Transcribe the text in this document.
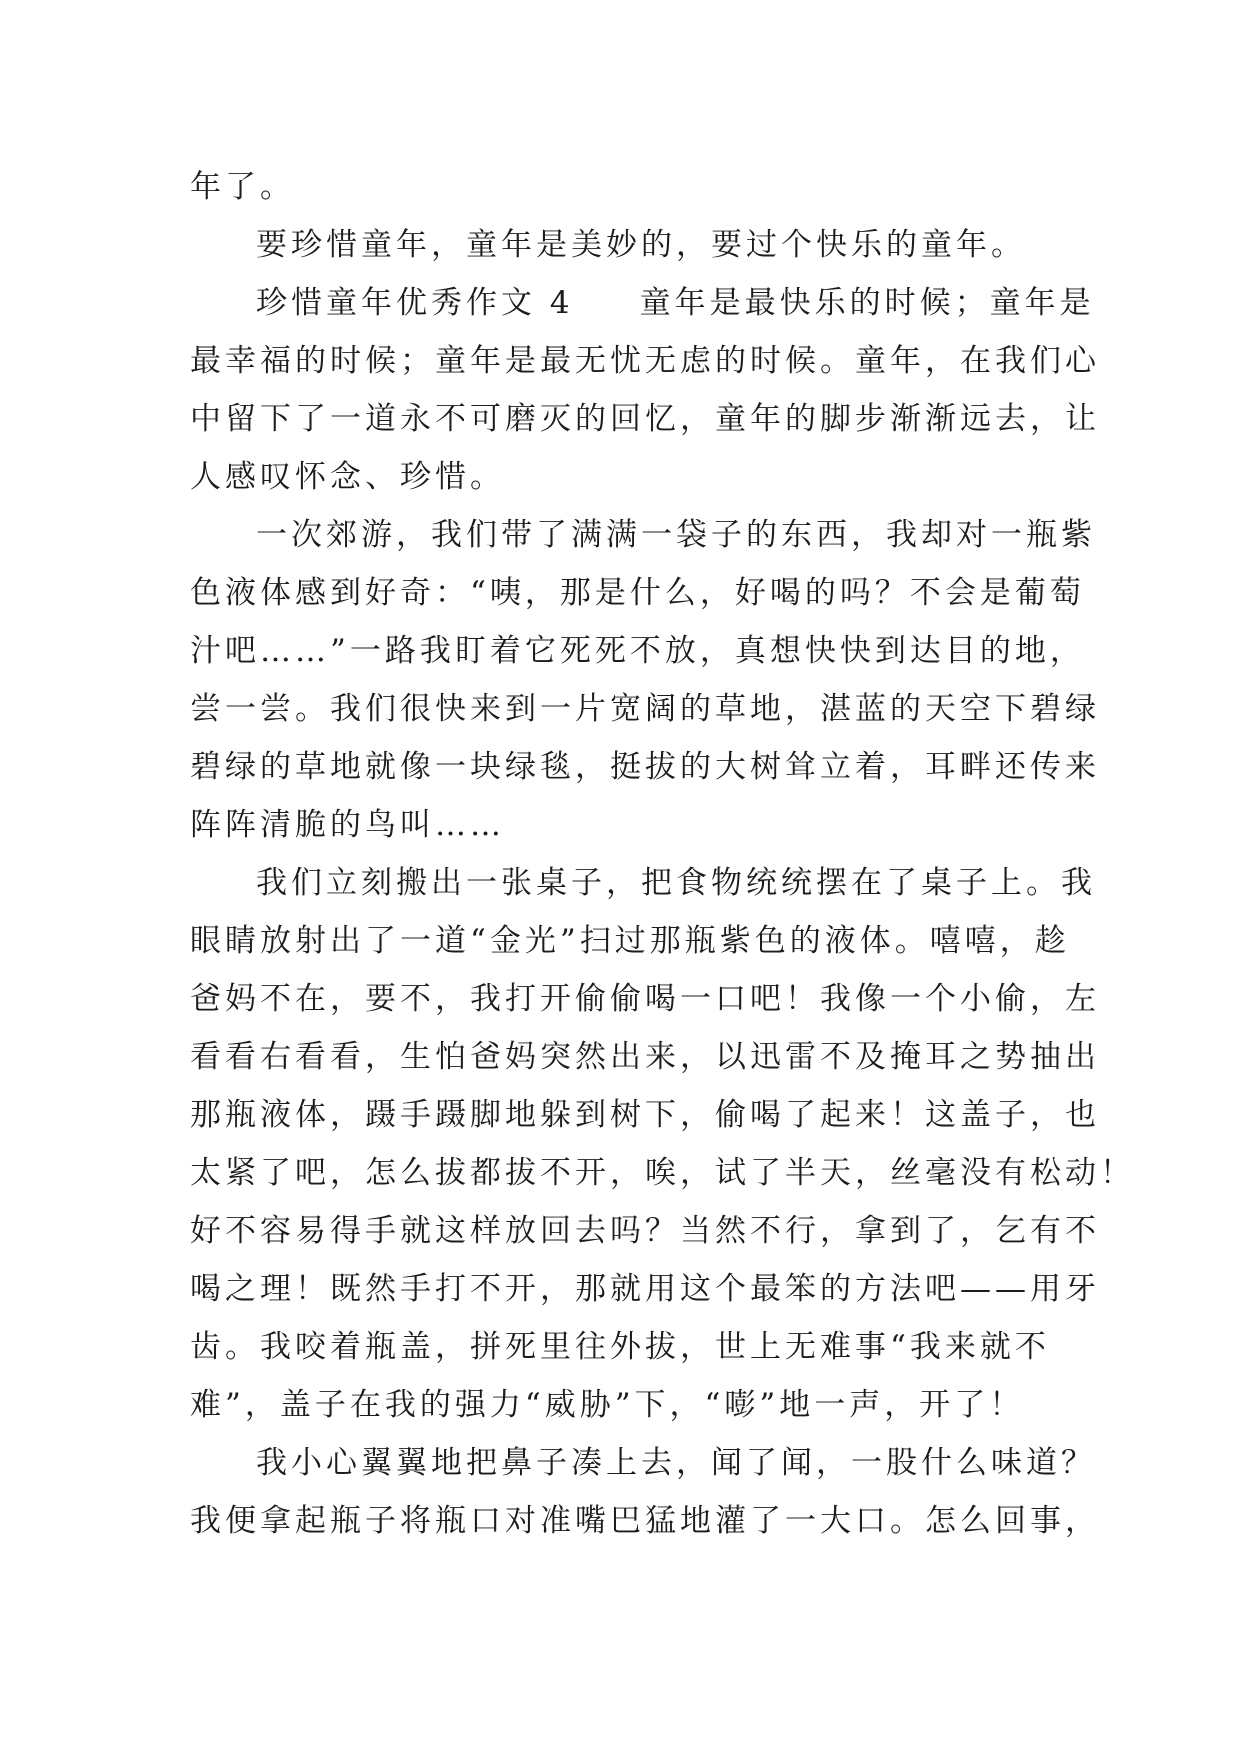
年了。
要珍惜童年，童年是美妙的，要过个快乐的童年。
珍惜童年优秀作文 4 童年是最快乐的时候；童年是
最幸福的时候；童年是最无忧无虑的时候。童年，在我们心
中留下了一道永不可磨灭的回忆，童年的脚步渐渐远去，让
人感叹怀念、珍惜。
一次郊游，我们带了满满一袋子的东西，我却对一瓶紫
色液体感到好奇：“咦，那是什么，好喝的吗？不会是葡萄
汁吧……”一路我盯着它死死不放，真想快快到达目的地，
尝一尝。我们很快来到一片宽阔的草地，湛蓝的天空下碧绿
碧绿的草地就像一块绿毯，挺拔的大树耸立着，耳畔还传来
阵阵清脆的鸟叫……
我们立刻搬出一张桌子，把食物统统摆在了桌子上。我
眼睛放射出了一道“金光”扫过那瓶紫色的液体。嘻嘻，趁
爸妈不在，要不，我打开偷偷喝一口吧！我像一个小偷，左
看看右看看，生怕爸妈突然出来，以迅雷不及掩耳之势抽出
那瓶液体，蹑手蹑脚地躲到树下，偷喝了起来！这盖子，也
太紧了吧，怎么拔都拔不开，唉，试了半天，丝毫没有松动！
好不容易得手就这样放回去吗？当然不行，拿到了，乞有不
喝之理！既然手打不开，那就用这个最笨的方法吧——用牙
齿。我咬着瓶盖，拼死里往外拔，世上无难事“我来就不
难”，盖子在我的强力“威胁”下，“嘭”地一声，开了！
我小心翼翼地把鼻子凑上去，闻了闻，一股什么味道？
我便拿起瓶子将瓶口对准嘴巴猛地灌了一大口。怎么回事，
